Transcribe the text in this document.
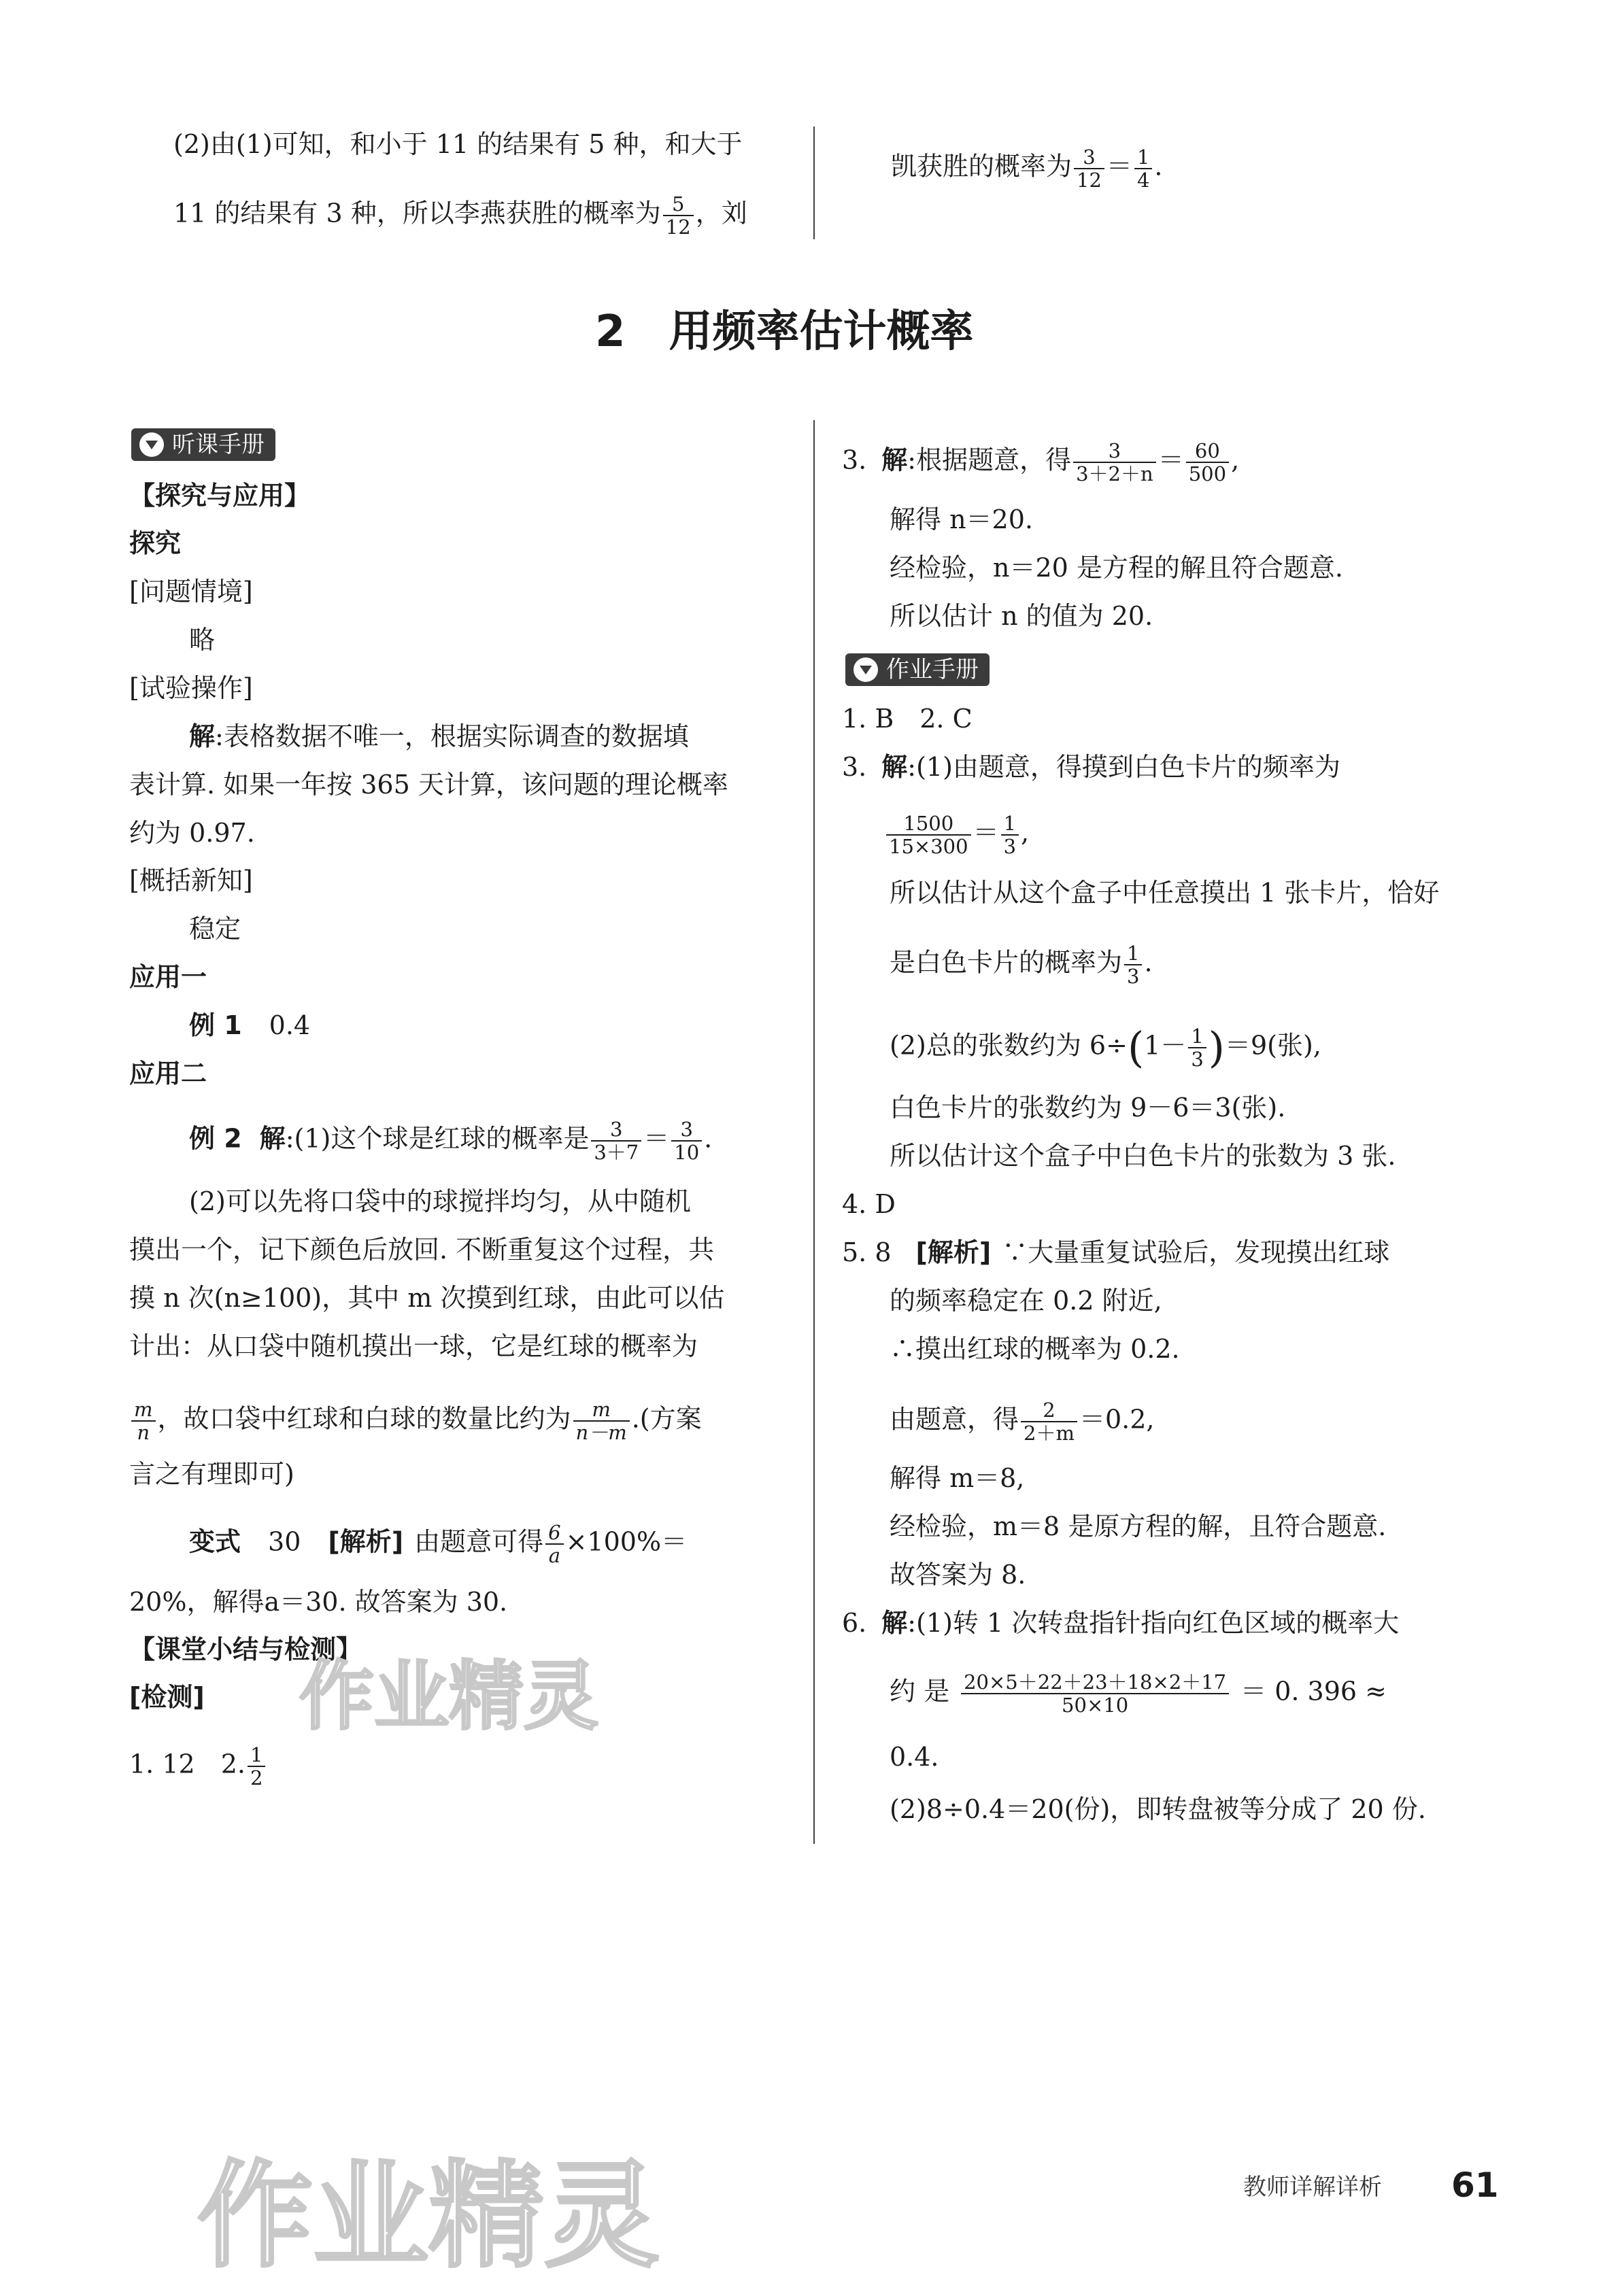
(2)由(1)可知，和小于 11 的结果有 5 种，和大于
11 的结果有 3 种，所以李燕获胜的概率为 $\frac{5}{12}$ ，刘
凯获胜的概率为 $\frac{3}{12} = \frac{1}{4}$ .
2　用频率估计概率
听课手册
【探究与应用】
探究
[问题情境]
略
[试验操作]
解:表格数据不唯一，根据实际调查的数据填
表计算. 如果一年按 365 天计算，该问题的理论概率
约为 0.97.
[概括新知]
稳定
应用一
例 1 0.4
应用二
例 2 解:(1)这个球是红球的概率是 $\frac{3}{3+7} = \frac{3}{10}$ .
(2)可以先将口袋中的球搅拌均匀，从中随机
摸出一个，记下颜色后放回. 不断重复这个过程，共
摸 n 次(n≥100)，其中 m 次摸到红球，由此可以估
计出：从口袋中随机摸出一球，它是红球的概率为
$\frac{m}{n}$ ，故口袋中红球和白球的数量比约为 $\frac{m}{n-m}$ .(方案
言之有理即可)
变式 30 [解析] 由题意可得 $\frac{6}{a} \times 100\%=$
20%，解得a＝30. 故答案为 30.
【课堂小结与检测】
[检测]
1. 12　2. $\frac{1}{2}$
3. 解:根据题意，得 $\frac{3}{3+2+n} = \frac{60}{500}$ ,
解得 n＝20.
经检验，n＝20 是方程的解且符合题意.
所以估计 n 的值为 20.
作业手册
1. B　2. C
3. 解:(1)由题意，得摸到白色卡片的频率为
$\frac{1500}{15\times 300} = \frac{1}{3}$ ,
所以估计从这个盒子中任意摸出 1 张卡片，恰好
是白色卡片的概率为 $\frac{1}{3}$ .
(2)总的张数约为 $6\div(1- \frac{1}{3} )=9$(张),
白色卡片的张数约为 9－6＝3(张).
所以估计这个盒子中白色卡片的张数为 3 张.
4. D
5. 8 [解析] ∵大量重复试验后，发现摸出红球
的频率稳定在 0.2 附近,
∴摸出红球的概率为 0.2.
由题意，得 $\frac{2}{2+m} =0.2$,
解得 m＝8,
经检验，m＝8 是原方程的解，且符合题意.
故答案为 8.
6. 解:(1)转 1 次转盘指针指向红色区域的概率大
约 是 $\frac{20\times 5+22+23+18\times 2+17}{50\times 10} = 0$. 396 ≈
0.4.
(2)8÷0.4＝20(份)，即转盘被等分成了 20 份.
教师详解详析 61
作业精灵
作业精灵
